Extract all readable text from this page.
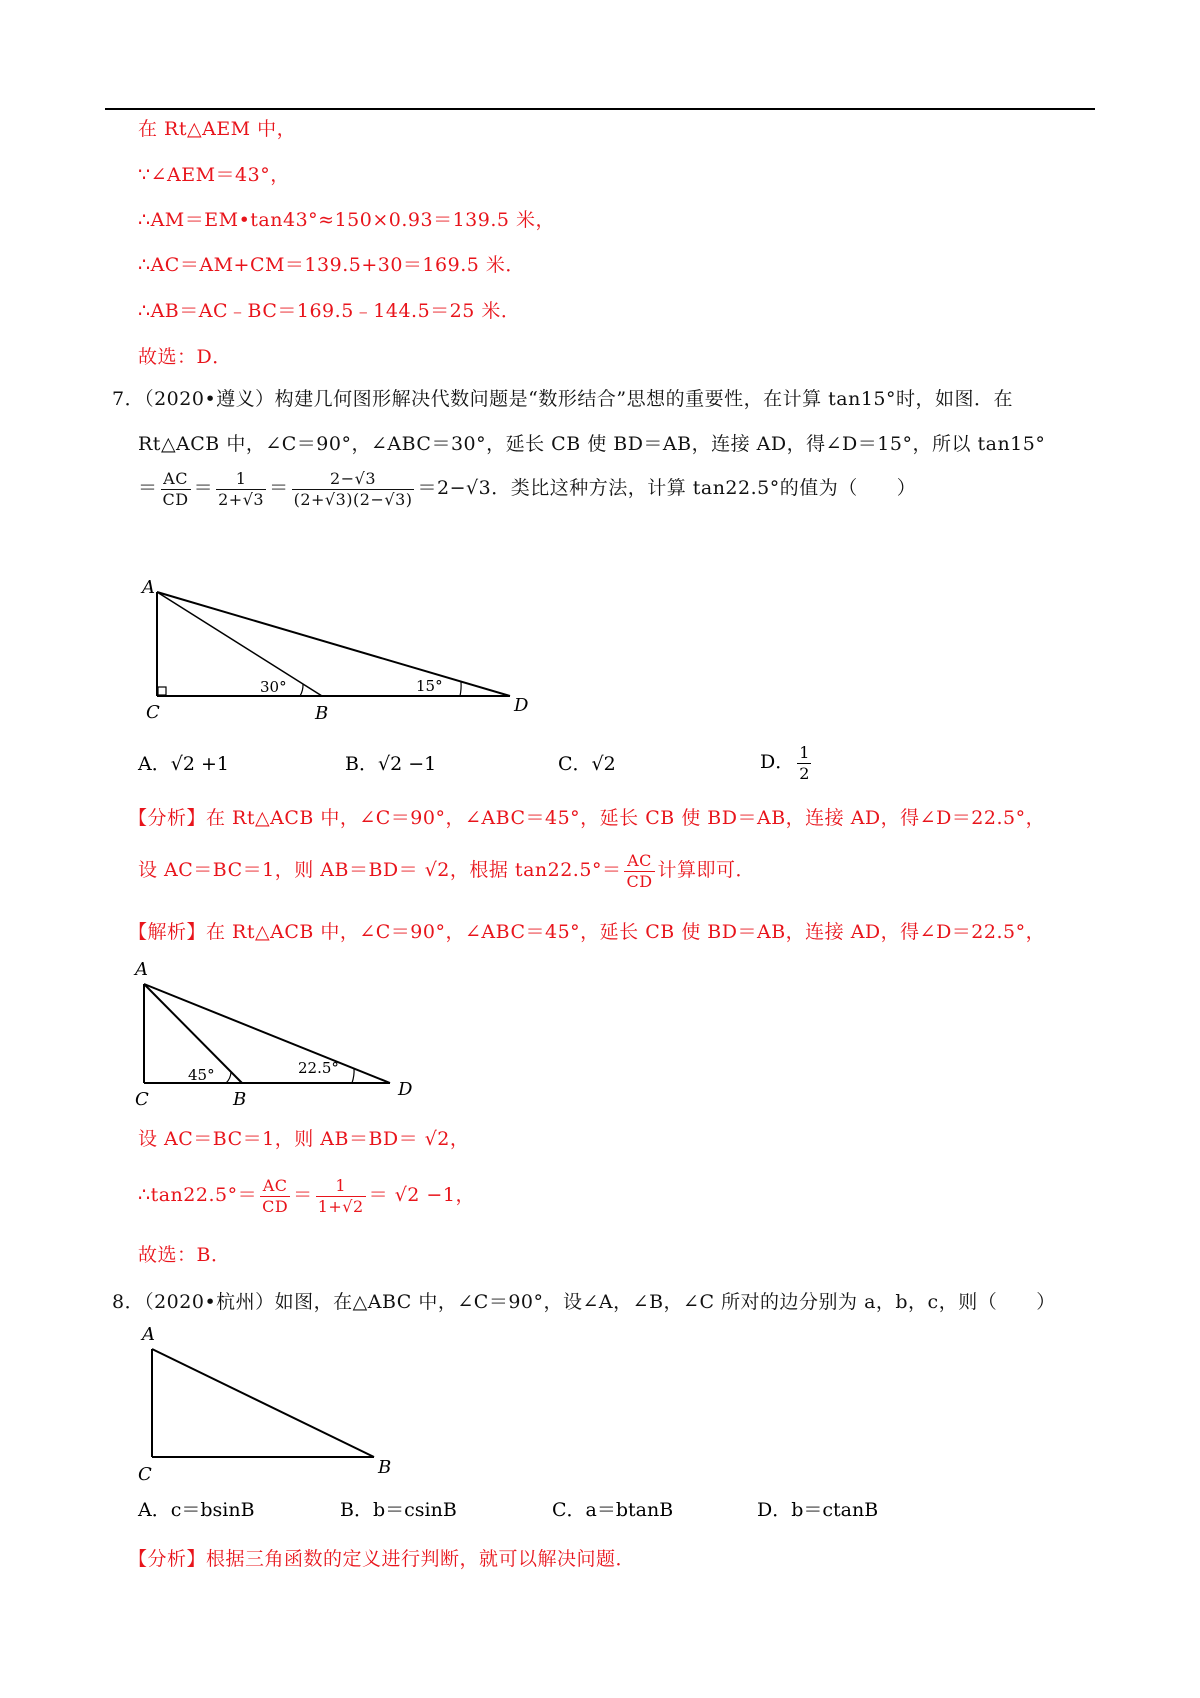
在 Rt△AEM 中，
∵∠AEM＝43°，
∴AM＝EM•tan43°≈150×0.93＝139.5 米，
∴AC＝AM+CM＝139.5+30＝169.5 米．
∴AB＝AC﹣BC＝169.5﹣144.5＝25 米．
故选：D．
7．（2020•遵义）构建几何图形解决代数问题是“数形结合”思想的重要性，在计算 tan15°时，如图．在
Rt△ACB 中，∠C＝90°，∠ABC＝30°，延长 CB 使 BD＝AB，连接 AD，得∠D＝15°，所以 tan15°
＝ $\frac{AC}{CD} = \frac{1}{2+√3} = \frac{2-√3}{(2+√3)(2-√3)} =2-√3$．类比这种方法，计算 tan22.5°的值为（　　）
A
C	B	D
30°	15°
A．√2 +1	B．√2 −1	C．√2	D． $\frac{1}{2}$
【分析】在 Rt△ACB 中，∠C＝90°，∠ABC＝45°，延长 CB 使 BD＝AB，连接 AD，得∠D＝22.5°，
设 AC＝BC＝1，则 AB＝BD＝ √2，根据 $\tan 22.5^\circ= \frac{AC}{CD}$ 计算即可．
【解析】在 Rt△ACB 中，∠C＝90°，∠ABC＝45°，延长 CB 使 BD＝AB，连接 AD，得∠D＝22.5°，
A
C	B	D
45°	22.5°
设 AC＝BC＝1，则 AB＝BD＝ √2，
∴tan22.5°＝ $\frac{AC}{CD} = \frac{1}{1+√2} = √2 -1$，
故选：B．
8．（2020•杭州）如图，在△ABC 中，∠C＝90°，设∠A，∠B，∠C 所对的边分别为 a，b，c，则（　　）
A
C	B
A．c＝bsinB	B．b＝csinB	C．a＝btanB	D．b＝ctanB
【分析】根据三角函数的定义进行判断，就可以解决问题．
